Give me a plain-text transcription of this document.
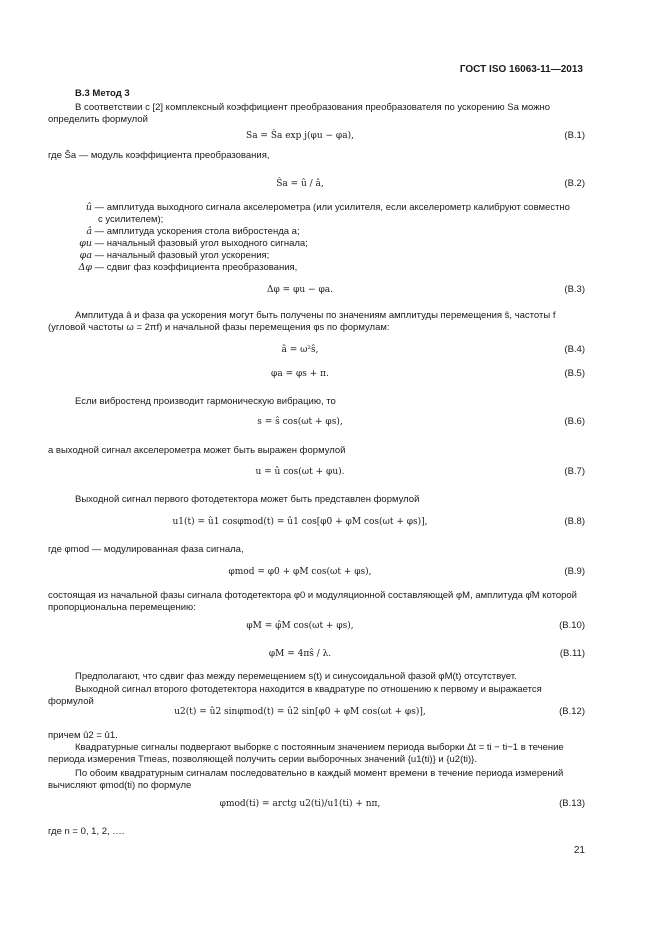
ГОСТ ISO 16063-11—2013
В.3 Метод 3
В соответствии с [2] комплексный коэффициент преобразования преобразователя по ускорению Sa можно определить формулой
Sa = Ŝa exp j(φu − φa),	(В.1)
где Ŝa — модуль коэффициента преобразования,
Ŝa = û / â,	(В.2)
û — амплитуда выходного сигнала акселерометра (или усилителя, если акселерометр калибруют совместно
с усилителем);
â — амплитуда ускорения стола вибростенда a;
φu — начальный фазовый угол выходного сигнала;
φa — начальный фазовый угол ускорения;
Δφ — сдвиг фаз коэффициента преобразования,
Δφ = φu − φa.	(В.3)
Амплитуда â и фаза φa ускорения могут быть получены по значениям амплитуды перемещения ŝ, частоты f (угловой частоты ω = 2πf) и начальной фазы перемещения φs по формулам:
â = ω²ŝ,	(В.4)
φa = φs + π.	(В.5)
Если вибростенд производит гармоническую вибрацию, то
s = ŝ cos(ωt + φs),	(В.6)
а выходной сигнал акселерометра может быть выражен формулой
u = û cos(ωt + φu).	(В.7)
Выходной сигнал первого фотодетектора может быть представлен формулой
u1(t) = û1 cosφmod(t) = û1 cos[φ0 + φM cos(ωt + φs)],	(В.8)
где φmod — модулированная фаза сигнала,
φmod = φ0 + φM cos(ωt + φs),	(В.9)
состоящая из начальной фазы сигнала фотодетектора φ0 и модуляционной составляющей φM, амплитуда φ̂M которой пропорциональна перемещению:
φM = φ̂M cos(ωt + φs),	(В.10)
φM = 4πŝ / λ.	(В.11)
Предполагают, что сдвиг фаз между перемещением s(t) и синусоидальной фазой φM(t) отсутствует.
Выходной сигнал второго фотодетектора находится в квадратуре по отношению к первому и выражается формулой
u2(t) = û2 sinφmod(t) = û2 sin[φ0 + φM cos(ωt + φs)],	(В.12)
причем û2 = û1.
Квадратурные сигналы подвергают выборке с постоянным значением периода выборки Δt = ti − ti−1 в течение периода измерения Tmeas, позволяющей получить серии выборочных значений {u1(ti)} и {u2(ti)}.
По обоим квадратурным сигналам последовательно в каждый момент времени в течение периода измерений вычисляют φmod(ti) по формуле
φmod(ti) = arctg u2(ti)/u1(ti) + nπ,	(В.13)
где n = 0, 1, 2, ….
21
